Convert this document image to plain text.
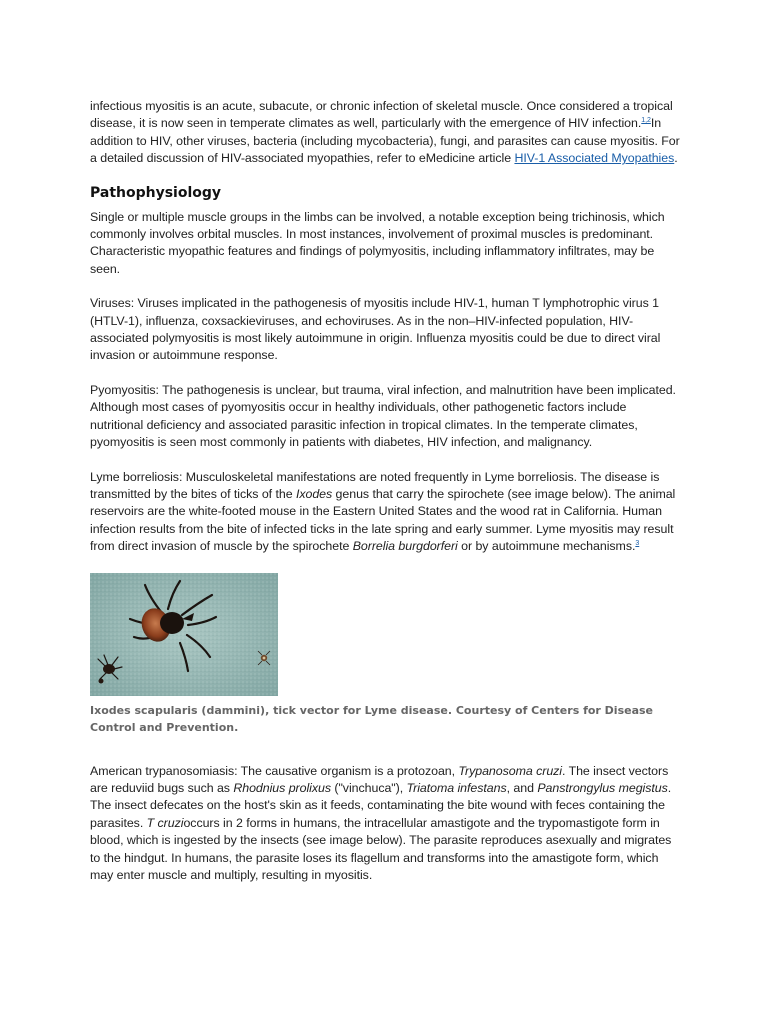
infectious myositis is an acute, subacute, or chronic infection of skeletal muscle. Once considered a tropical disease, it is now seen in temperate climates as well, particularly with the emergence of HIV infection.$^{1,2}$In addition to HIV, other viruses, bacteria (including mycobacteria), fungi, and parasites can cause myositis. For a detailed discussion of HIV-associated myopathies, refer to eMedicine article HIV-1 Associated Myopathies.

Pathophysiology

Single or multiple muscle groups in the limbs can be involved, a notable exception being trichinosis, which commonly involves orbital muscles. In most instances, involvement of proximal muscles is predominant. Characteristic myopathic features and findings of polymyositis, including inflammatory infiltrates, may be seen.

Viruses: Viruses implicated in the pathogenesis of myositis include HIV-1, human T lymphotrophic virus 1 (HTLV-1), influenza, coxsackieviruses, and echoviruses. As in the non–HIV-infected population, HIV-associated polymyositis is most likely autoimmune in origin. Influenza myositis could be due to direct viral invasion or autoimmune response.

Pyomyositis: The pathogenesis is unclear, but trauma, viral infection, and malnutrition have been implicated. Although most cases of pyomyositis occur in healthy individuals, other pathogenetic factors include nutritional deficiency and associated parasitic infection in tropical climates. In the temperate climates, pyomyositis is seen most commonly in patients with diabetes, HIV infection, and malignancy.

Lyme borreliosis: Musculoskeletal manifestations are noted frequently in Lyme borreliosis. The disease is transmitted by the bites of ticks of the Ixodes genus that carry the spirochete (see image below). The animal reservoirs are the white-footed mouse in the Eastern United States and the wood rat in California. Human infection results from the bite of infected ticks in the late spring and early summer. Lyme myositis may result from direct invasion of muscle by the spirochete Borrelia burgdorferi or by autoimmune mechanisms.$^3$

Ixodes scapularis (dammini), tick vector for Lyme disease. Courtesy of Centers for Disease Control and Prevention.

American trypanosomiasis: The causative organism is a protozoan, Trypanosoma cruzi. The insect vectors are reduviid bugs such as Rhodnius prolixus ("vinchuca"), Triatoma infestans, and Panstrongylus megistus. The insect defecates on the host's skin as it feeds, contaminating the bite wound with feces containing the parasites. T cruzioccurs in 2 forms in humans, the intracellular amastigote and the trypomastigote form in blood, which is ingested by the insects (see image below). The parasite reproduces asexually and migrates to the hindgut. In humans, the parasite loses its flagellum and transforms into the amastigote form, which may enter muscle and multiply, resulting in myositis.
